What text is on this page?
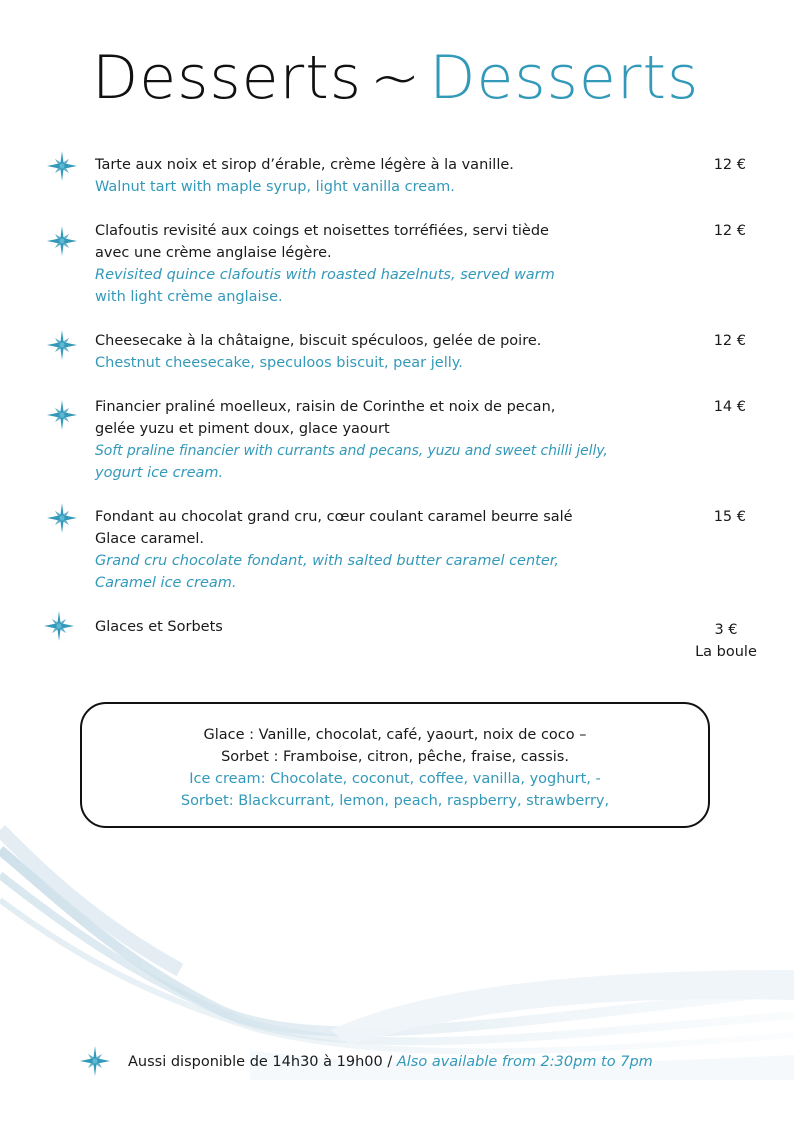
Desserts ~ Desserts
Tarte aux noix et sirop d’érable, crème légère à la vanille.
Walnut tart with maple syrup, light vanilla cream.
12 €
Clafoutis revisité aux coings et noisettes torréfiées, servi tiède
avec une crème anglaise légère.
Revisited quince clafoutis with roasted hazelnuts, served warm
with light crème anglaise.
12 €
Cheesecake à la châtaigne, biscuit spéculoos, gelée de poire.
Chestnut cheesecake, speculoos biscuit, pear jelly.
12 €
Financier praliné moelleux, raisin de Corinthe et noix de pecan,
gelée yuzu et piment doux, glace yaourt
Soft praline financier with currants and pecans, yuzu and sweet chilli jelly,
yogurt ice cream.
14 €
Fondant au chocolat grand cru, cœur coulant caramel beurre salé
Glace caramel.
Grand cru chocolate fondant, with salted butter caramel center,
Caramel ice cream.
15 €
Glaces et Sorbets	3 €
La boule
Glace : Vanille, chocolat, café, yaourt, noix de coco –
Sorbet : Framboise, citron, pêche, fraise, cassis.
Ice cream: Chocolate, coconut, coffee, vanilla, yoghurt, -
Sorbet: Blackcurrant, lemon, peach, raspberry, strawberry,
Aussi disponible de 14h30 à 19h00 / Also available from 2:30pm to 7pm
